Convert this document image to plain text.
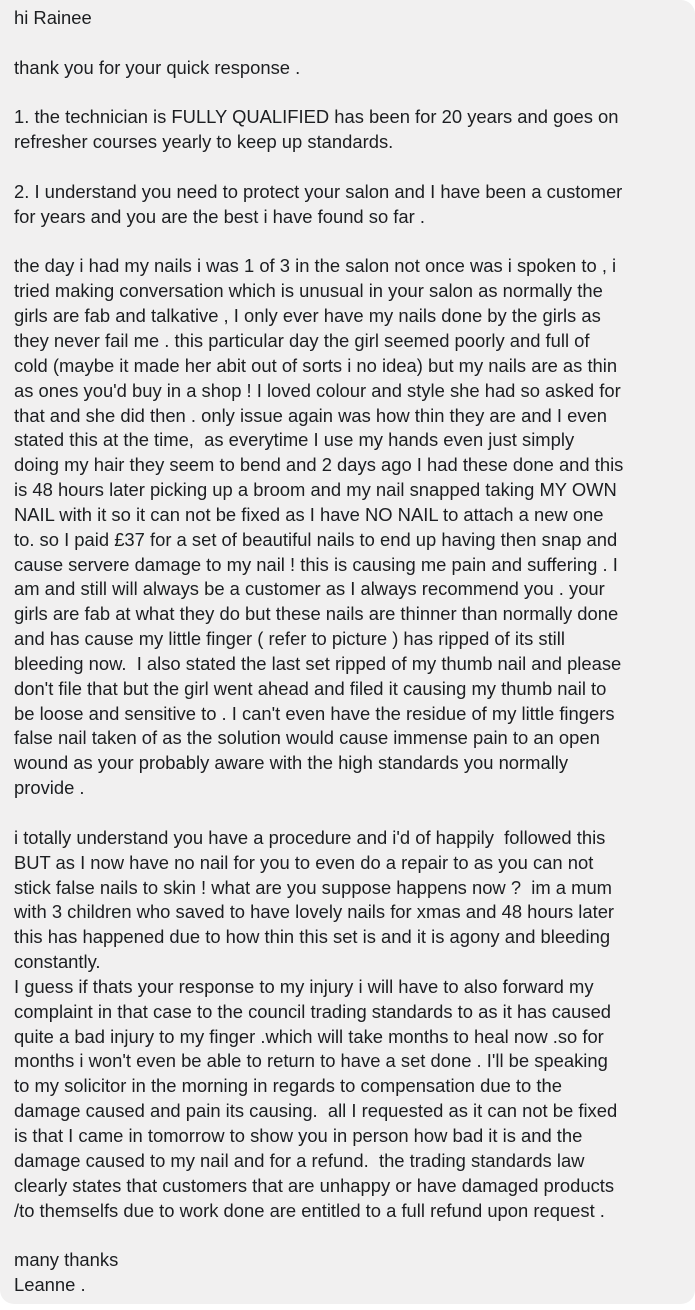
hi Rainee
thank you for your quick response .
1. the technician is FULLY QUALIFIED has been for 20 years and goes on
refresher courses yearly to keep up standards.
2. I understand you need to protect your salon and I have been a customer
for years and you are the best i have found so far .
the day i had my nails i was 1 of 3 in the salon not once was i spoken to , i
tried making conversation which is unusual in your salon as normally the
girls are fab and talkative , I only ever have my nails done by the girls as
they never fail me . this particular day the girl seemed poorly and full of
cold (maybe it made her abit out of sorts i no idea) but my nails are as thin
as ones you'd buy in a shop ! I loved colour and style she had so asked for
that and she did then . only issue again was how thin they are and I even
stated this at the time,  as everytime I use my hands even just simply
doing my hair they seem to bend and 2 days ago I had these done and this
is 48 hours later picking up a broom and my nail snapped taking MY OWN
NAIL with it so it can not be fixed as I have NO NAIL to attach a new one
to. so I paid £37 for a set of beautiful nails to end up having then snap and
cause servere damage to my nail ! this is causing me pain and suffering . I
am and still will always be a customer as I always recommend you . your
girls are fab at what they do but these nails are thinner than normally done
and has cause my little finger ( refer to picture ) has ripped of its still
bleeding now.  I also stated the last set ripped of my thumb nail and please
don't file that but the girl went ahead and filed it causing my thumb nail to
be loose and sensitive to . I can't even have the residue of my little fingers
false nail taken of as the solution would cause immense pain to an open
wound as your probably aware with the high standards you normally
provide .
i totally understand you have a procedure and i'd of happily  followed this
BUT as I now have no nail for you to even do a repair to as you can not
stick false nails to skin ! what are you suppose happens now ?  im a mum
with 3 children who saved to have lovely nails for xmas and 48 hours later
this has happened due to how thin this set is and it is agony and bleeding
constantly.
I guess if thats your response to my injury i will have to also forward my
complaint in that case to the council trading standards to as it has caused
quite a bad injury to my finger .which will take months to heal now .so for
months i won't even be able to return to have a set done . I'll be speaking
to my solicitor in the morning in regards to compensation due to the
damage caused and pain its causing.  all I requested as it can not be fixed
is that I came in tomorrow to show you in person how bad it is and the
damage caused to my nail and for a refund.  the trading standards law
clearly states that customers that are unhappy or have damaged products
/to themselfs due to work done are entitled to a full refund upon request .
many thanks
Leanne .
